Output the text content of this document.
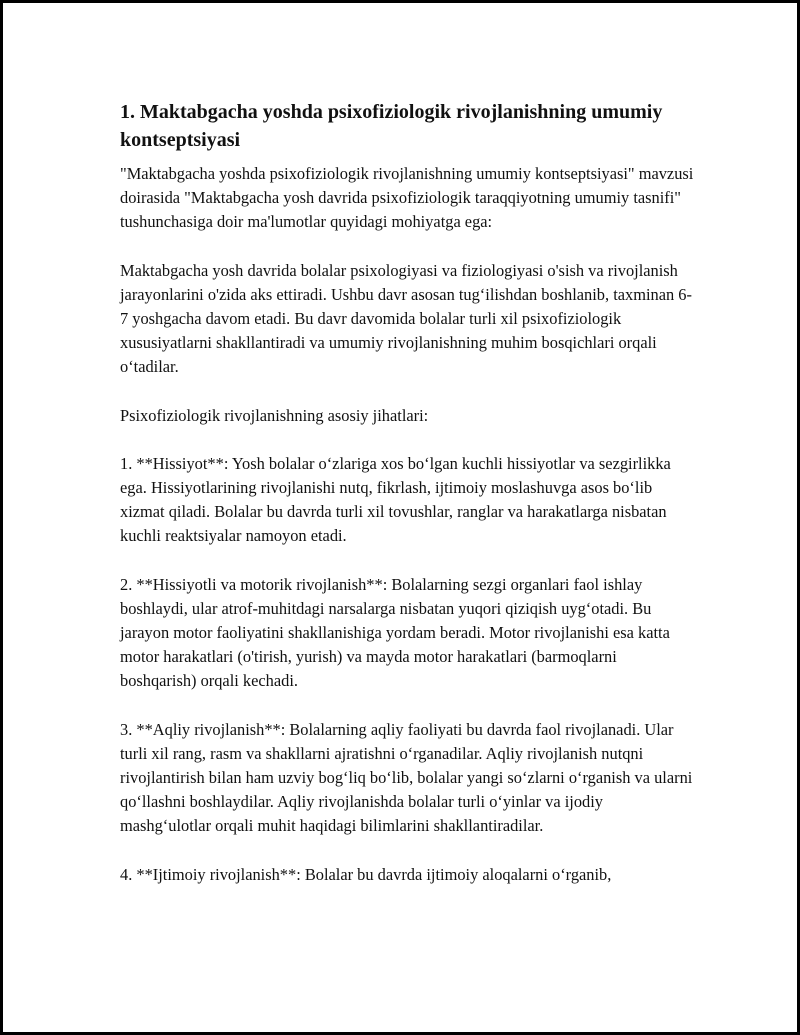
1. Maktabgacha yoshda psixofiziologik rivojlanishning umumiy kontseptsiyasi

"Maktabgacha yoshda psixofiziologik rivojlanishning umumiy kontseptsiyasi" mavzusi doirasida "Maktabgacha yosh davrida psixofiziologik taraqqiyotning umumiy tasnifi" tushunchasiga doir ma'lumotlar quyidagi mohiyatga ega:

Maktabgacha yosh davrida bolalar psixologiyasi va fiziologiyasi o'sish va rivojlanish jarayonlarini o'zida aks ettiradi. Ushbu davr asosan tug‘ilishdan boshlanib, taxminan 6-7 yoshgacha davom etadi. Bu davr davomida bolalar turli xil psixofiziologik xususiyatlarni shakllantiradi va umumiy rivojlanishning muhim bosqichlari orqali o‘tadilar.

Psixofiziologik rivojlanishning asosiy jihatlari:

1. **Hissiyot**: Yosh bolalar o‘zlariga xos bo‘lgan kuchli hissiyotlar va sezgirlikka ega. Hissiyotlarining rivojlanishi nutq, fikrlash, ijtimoiy moslashuvga asos bo‘lib xizmat qiladi. Bolalar bu davrda turli xil tovushlar, ranglar va harakatlarga nisbatan kuchli reaktsiyalar namoyon etadi.

2. **Hissiyotli va motorik rivojlanish**: Bolalarning sezgi organlari faol ishlay boshlaydi, ular atrof-muhitdagi narsalarga nisbatan yuqori qiziqish uyg‘otadi. Bu jarayon motor faoliyatini shakllanishiga yordam beradi. Motor rivojlanishi esa katta motor harakatlari (o'tirish, yurish) va mayda motor harakatlari (barmoqlarni boshqarish) orqali kechadi.

3. **Aqliy rivojlanish**: Bolalarning aqliy faoliyati bu davrda faol rivojlanadi. Ular turli xil rang, rasm va shakllarni ajratishni o‘rganadilar. Aqliy rivojlanish nutqni rivojlantirish bilan ham uzviy bog‘liq bo‘lib, bolalar yangi so‘zlarni o‘rganish va ularni qo‘llashni boshlaydilar. Aqliy rivojlanishda bolalar turli o‘yinlar va ijodiy mashg‘ulotlar orqali muhit haqidagi bilimlarini shakllantiradilar.

4. **Ijtimoiy rivojlanish**: Bolalar bu davrda ijtimoiy aloqalarni o‘rganib,
